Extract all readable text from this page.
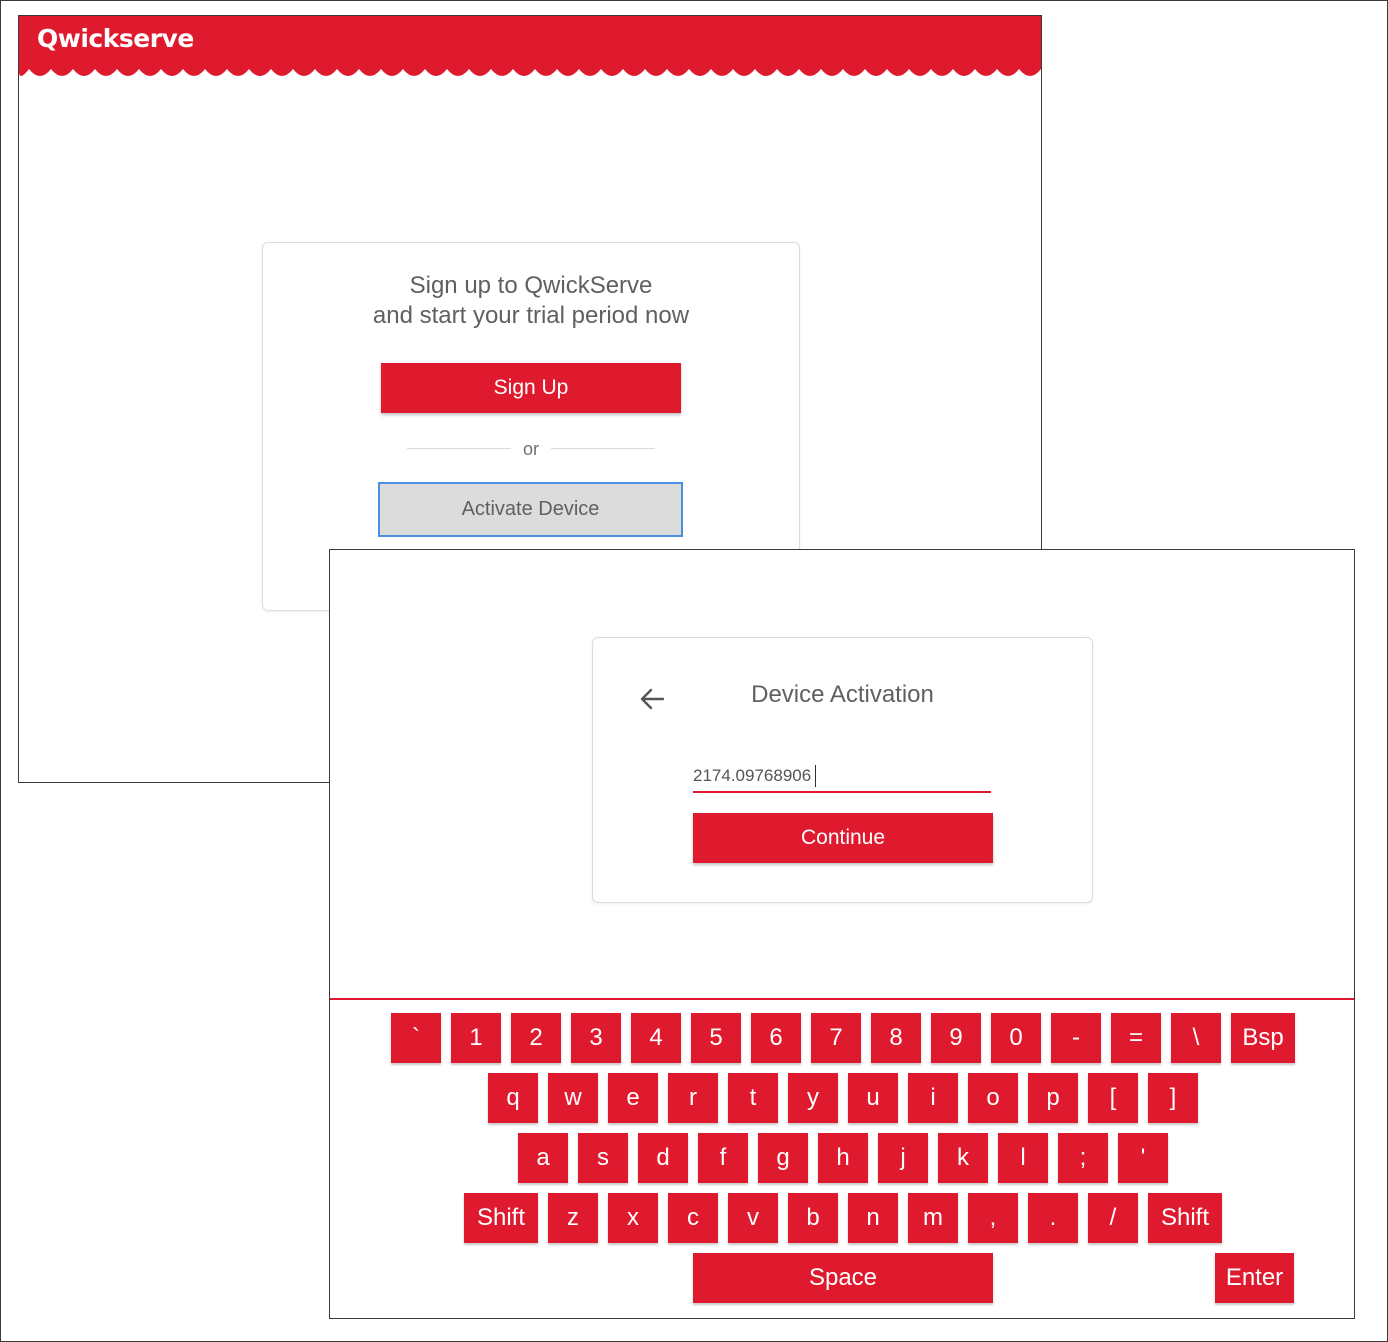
Qwickserve
Sign up to QwickServe
and start your trial period now
Sign Up
or
Activate Device
Device Activation
2174.09768906
Continue
`	1	2	3	4	5	6	7	8	9	0	-	=	\	Bsp
q	w	e	r	t	y	u	i	o	p	[	]
a	s	d	f	g	h	j	k	l	;	'
Shift	z	x	c	v	b	n	m	,	.	/	Shift
Space	Enter
